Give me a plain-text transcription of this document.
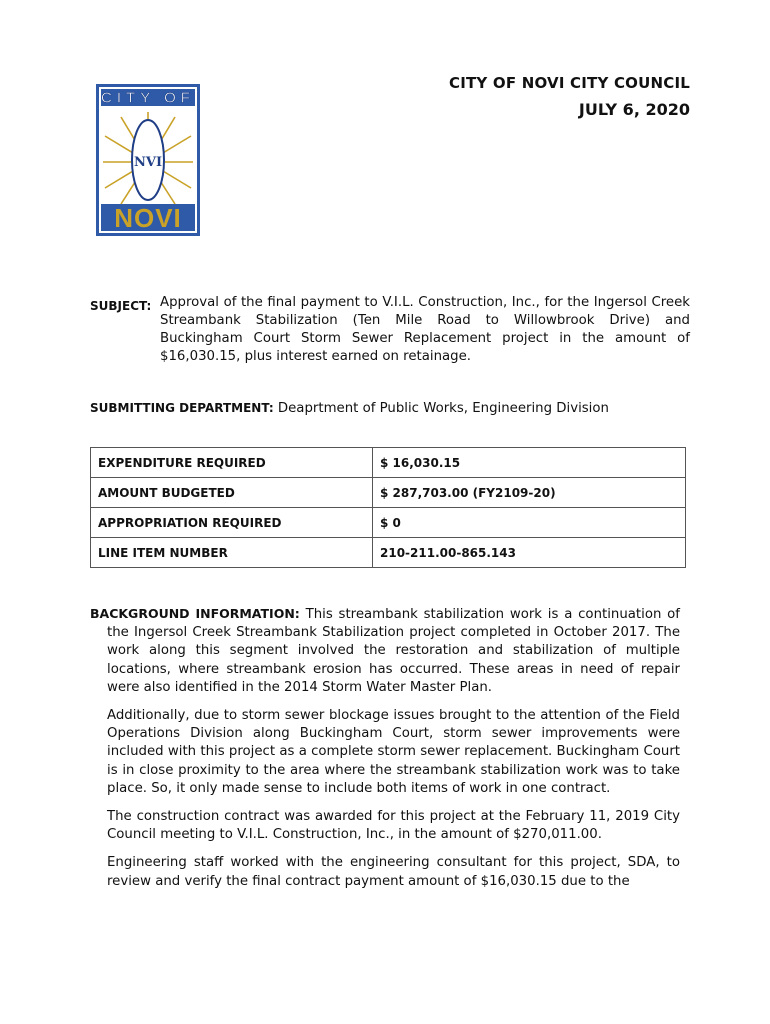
CITY OF
NVI
NOVI
CITY OF NOVI CITY COUNCIL
JULY 6, 2020
SUBJECT: Approval of the final payment to V.I.L. Construction, Inc., for the Ingersol Creek Streambank Stabilization (Ten Mile Road to Willowbrook Drive) and Buckingham Court Storm Sewer Replacement project in the amount of $16,030.15, plus interest earned on retainage.
SUBMITTING DEPARTMENT: Deaprtment of Public Works, Engineering Division
EXPENDITURE REQUIRED	$ 16,030.15
AMOUNT BUDGETED	$ 287,703.00 (FY2109-20)
APPROPRIATION REQUIRED	$ 0
LINE ITEM NUMBER	210-211.00-865.143

BACKGROUND INFORMATION: This streambank stabilization work is a continuation of the Ingersol Creek Streambank Stabilization project completed in October 2017. The work along this segment involved the restoration and stabilization of multiple locations, where streambank erosion has occurred. These areas in need of repair were also identified in the 2014 Storm Water Master Plan.

Additionally, due to storm sewer blockage issues brought to the attention of the Field Operations Division along Buckingham Court, storm sewer improvements were included with this project as a complete storm sewer replacement. Buckingham Court is in close proximity to the area where the streambank stabilization work was to take place. So, it only made sense to include both items of work in one contract.

The construction contract was awarded for this project at the February 11, 2019 City Council meeting to V.I.L. Construction, Inc., in the amount of $270,011.00.

Engineering staff worked with the engineering consultant for this project, SDA, to review and verify the final contract payment amount of $16,030.15 due to the
